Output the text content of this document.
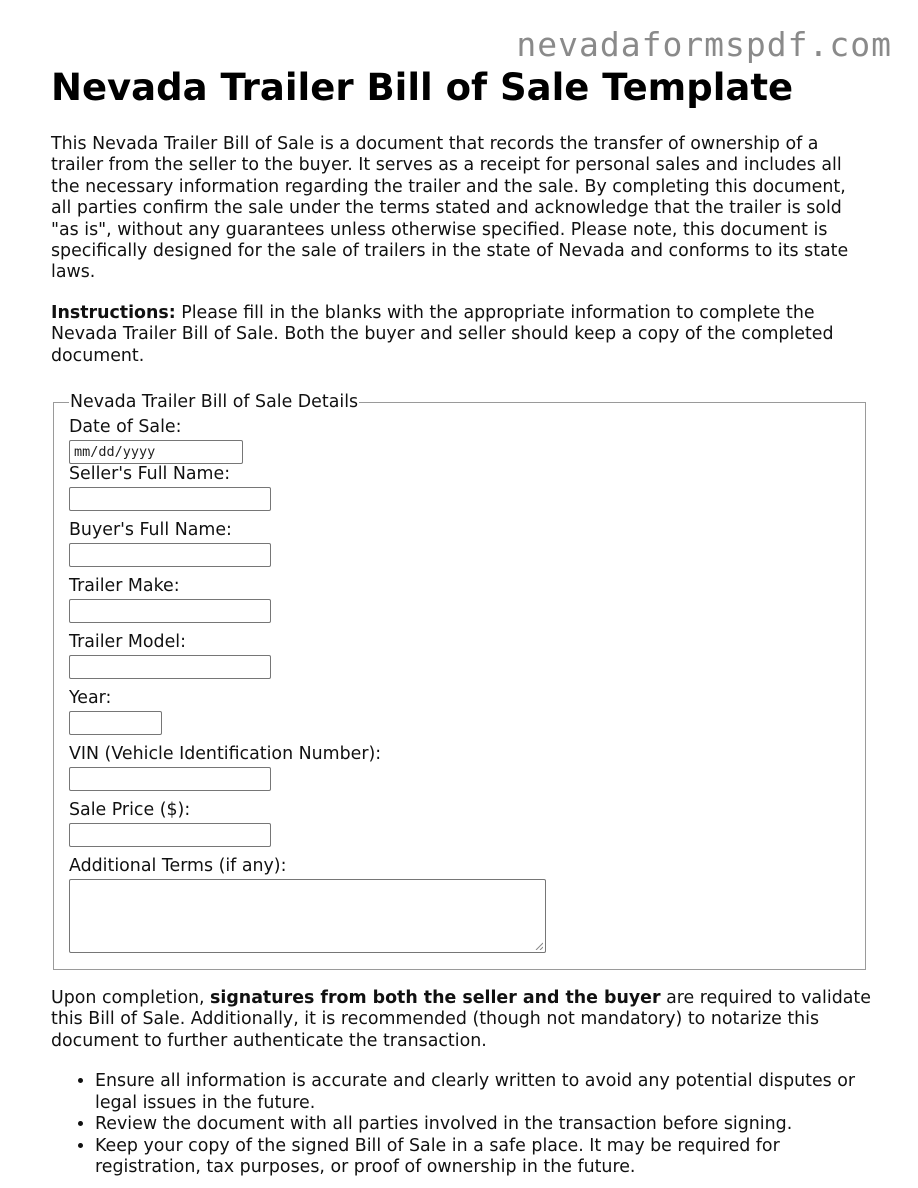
nevadaformspdf.com
Nevada Trailer Bill of Sale Template

This Nevada Trailer Bill of Sale is a document that records the transfer of ownership of a trailer from the seller to the buyer. It serves as a receipt for personal sales and includes all the necessary information regarding the trailer and the sale. By completing this document, all parties confirm the sale under the terms stated and acknowledge that the trailer is sold "as is", without any guarantees unless otherwise specified. Please note, this document is specifically designed for the sale of trailers in the state of Nevada and conforms to its state laws.

Instructions: Please fill in the blanks with the appropriate information to complete the Nevada Trailer Bill of Sale. Both the buyer and seller should keep a copy of the completed document.

Nevada Trailer Bill of Sale Details
Date of Sale:
mm/dd/yyyy
Seller's Full Name:
Buyer's Full Name:
Trailer Make:
Trailer Model:
Year:
VIN (Vehicle Identification Number):
Sale Price ($):
Additional Terms (if any):

Upon completion, signatures from both the seller and the buyer are required to validate this Bill of Sale. Additionally, it is recommended (though not mandatory) to notarize this document to further authenticate the transaction.

• Ensure all information is accurate and clearly written to avoid any potential disputes or legal issues in the future.
• Review the document with all parties involved in the transaction before signing.
• Keep your copy of the signed Bill of Sale in a safe place. It may be required for registration, tax purposes, or proof of ownership in the future.
